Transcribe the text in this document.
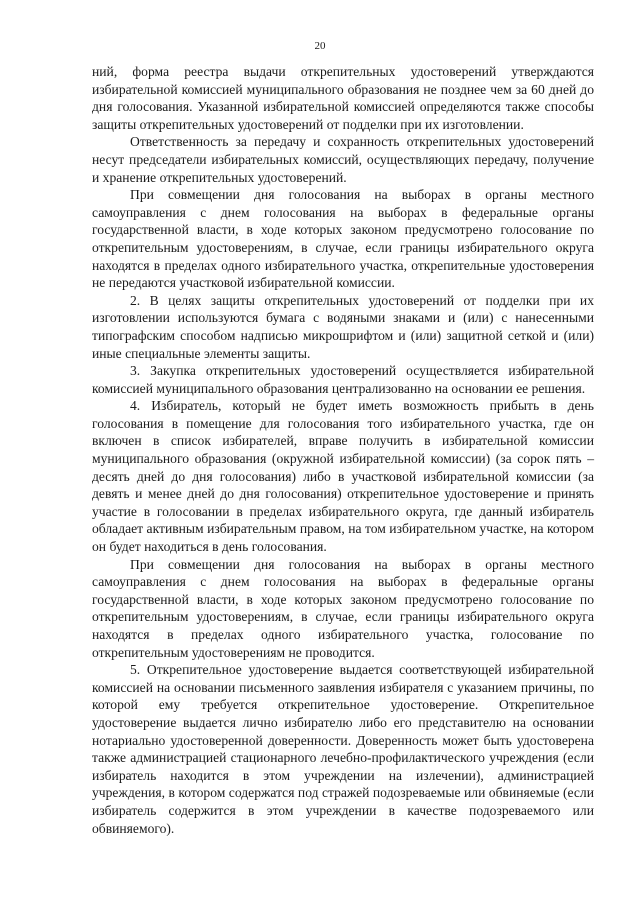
20

ний, форма реестра выдачи открепительных удостоверений утверждаются избирательной комиссией муниципального образования не позднее чем за 60 дней до дня голосования. Указанной избирательной комиссией определяются также способы защиты открепительных удостоверений от подделки при их изготовлении.

Ответственность за передачу и сохранность открепительных удостоверений несут председатели избирательных комиссий, осуществляющих передачу, получение и хранение открепительных удостоверений.

При совмещении дня голосования на выборах в органы местного самоуправления с днем голосования на выборах в федеральные органы государственной власти, в ходе которых законом предусмотрено голосование по открепительным удостоверениям, в случае, если границы избирательного округа находятся в пределах одного избирательного участка, открепительные удостоверения не передаются участковой избирательной комиссии.

2. В целях защиты открепительных удостоверений от подделки при их изготовлении используются бумага с водяными знаками и (или) с нанесенными типографским способом надписью микрошрифтом и (или) защитной сеткой и (или) иные специальные элементы защиты.

3. Закупка открепительных удостоверений осуществляется избирательной комиссией муниципального образования централизованно на основании ее решения.

4. Избиратель, который не будет иметь возможность прибыть в день голосования в помещение для голосования того избирательного участка, где он включен в список избирателей, вправе получить в избирательной комиссии муниципального образования (окружной избирательной комиссии) (за сорок пять – десять дней до дня голосования) либо в участковой избирательной комиссии (за девять и менее дней до дня голосования) открепительное удостоверение и принять участие в голосовании в пределах избирательного округа, где данный избиратель обладает активным избирательным правом, на том избирательном участке, на котором он будет находиться в день голосования.

При совмещении дня голосования на выборах в органы местного самоуправления с днем голосования на выборах в федеральные органы государственной власти, в ходе которых законом предусмотрено голосование по открепительным удостоверениям, в случае, если границы избирательного округа находятся в пределах одного избирательного участка, голосование по открепительным удостоверениям не проводится.

5. Открепительное удостоверение выдается соответствующей избирательной комиссией на основании письменного заявления избирателя с указанием причины, по которой ему требуется открепительное удостоверение. Открепительное удостоверение выдается лично избирателю либо его представителю на основании нотариально удостоверенной доверенности. Доверенность может быть удостоверена также администрацией стационарного лечебно-профилактического учреждения (если избиратель находится в этом учреждении на излечении), администрацией учреждения, в котором содержатся под стражей подозреваемые или обвиняемые (если избиратель содержится в этом учреждении в качестве подозреваемого или обвиняемого).
